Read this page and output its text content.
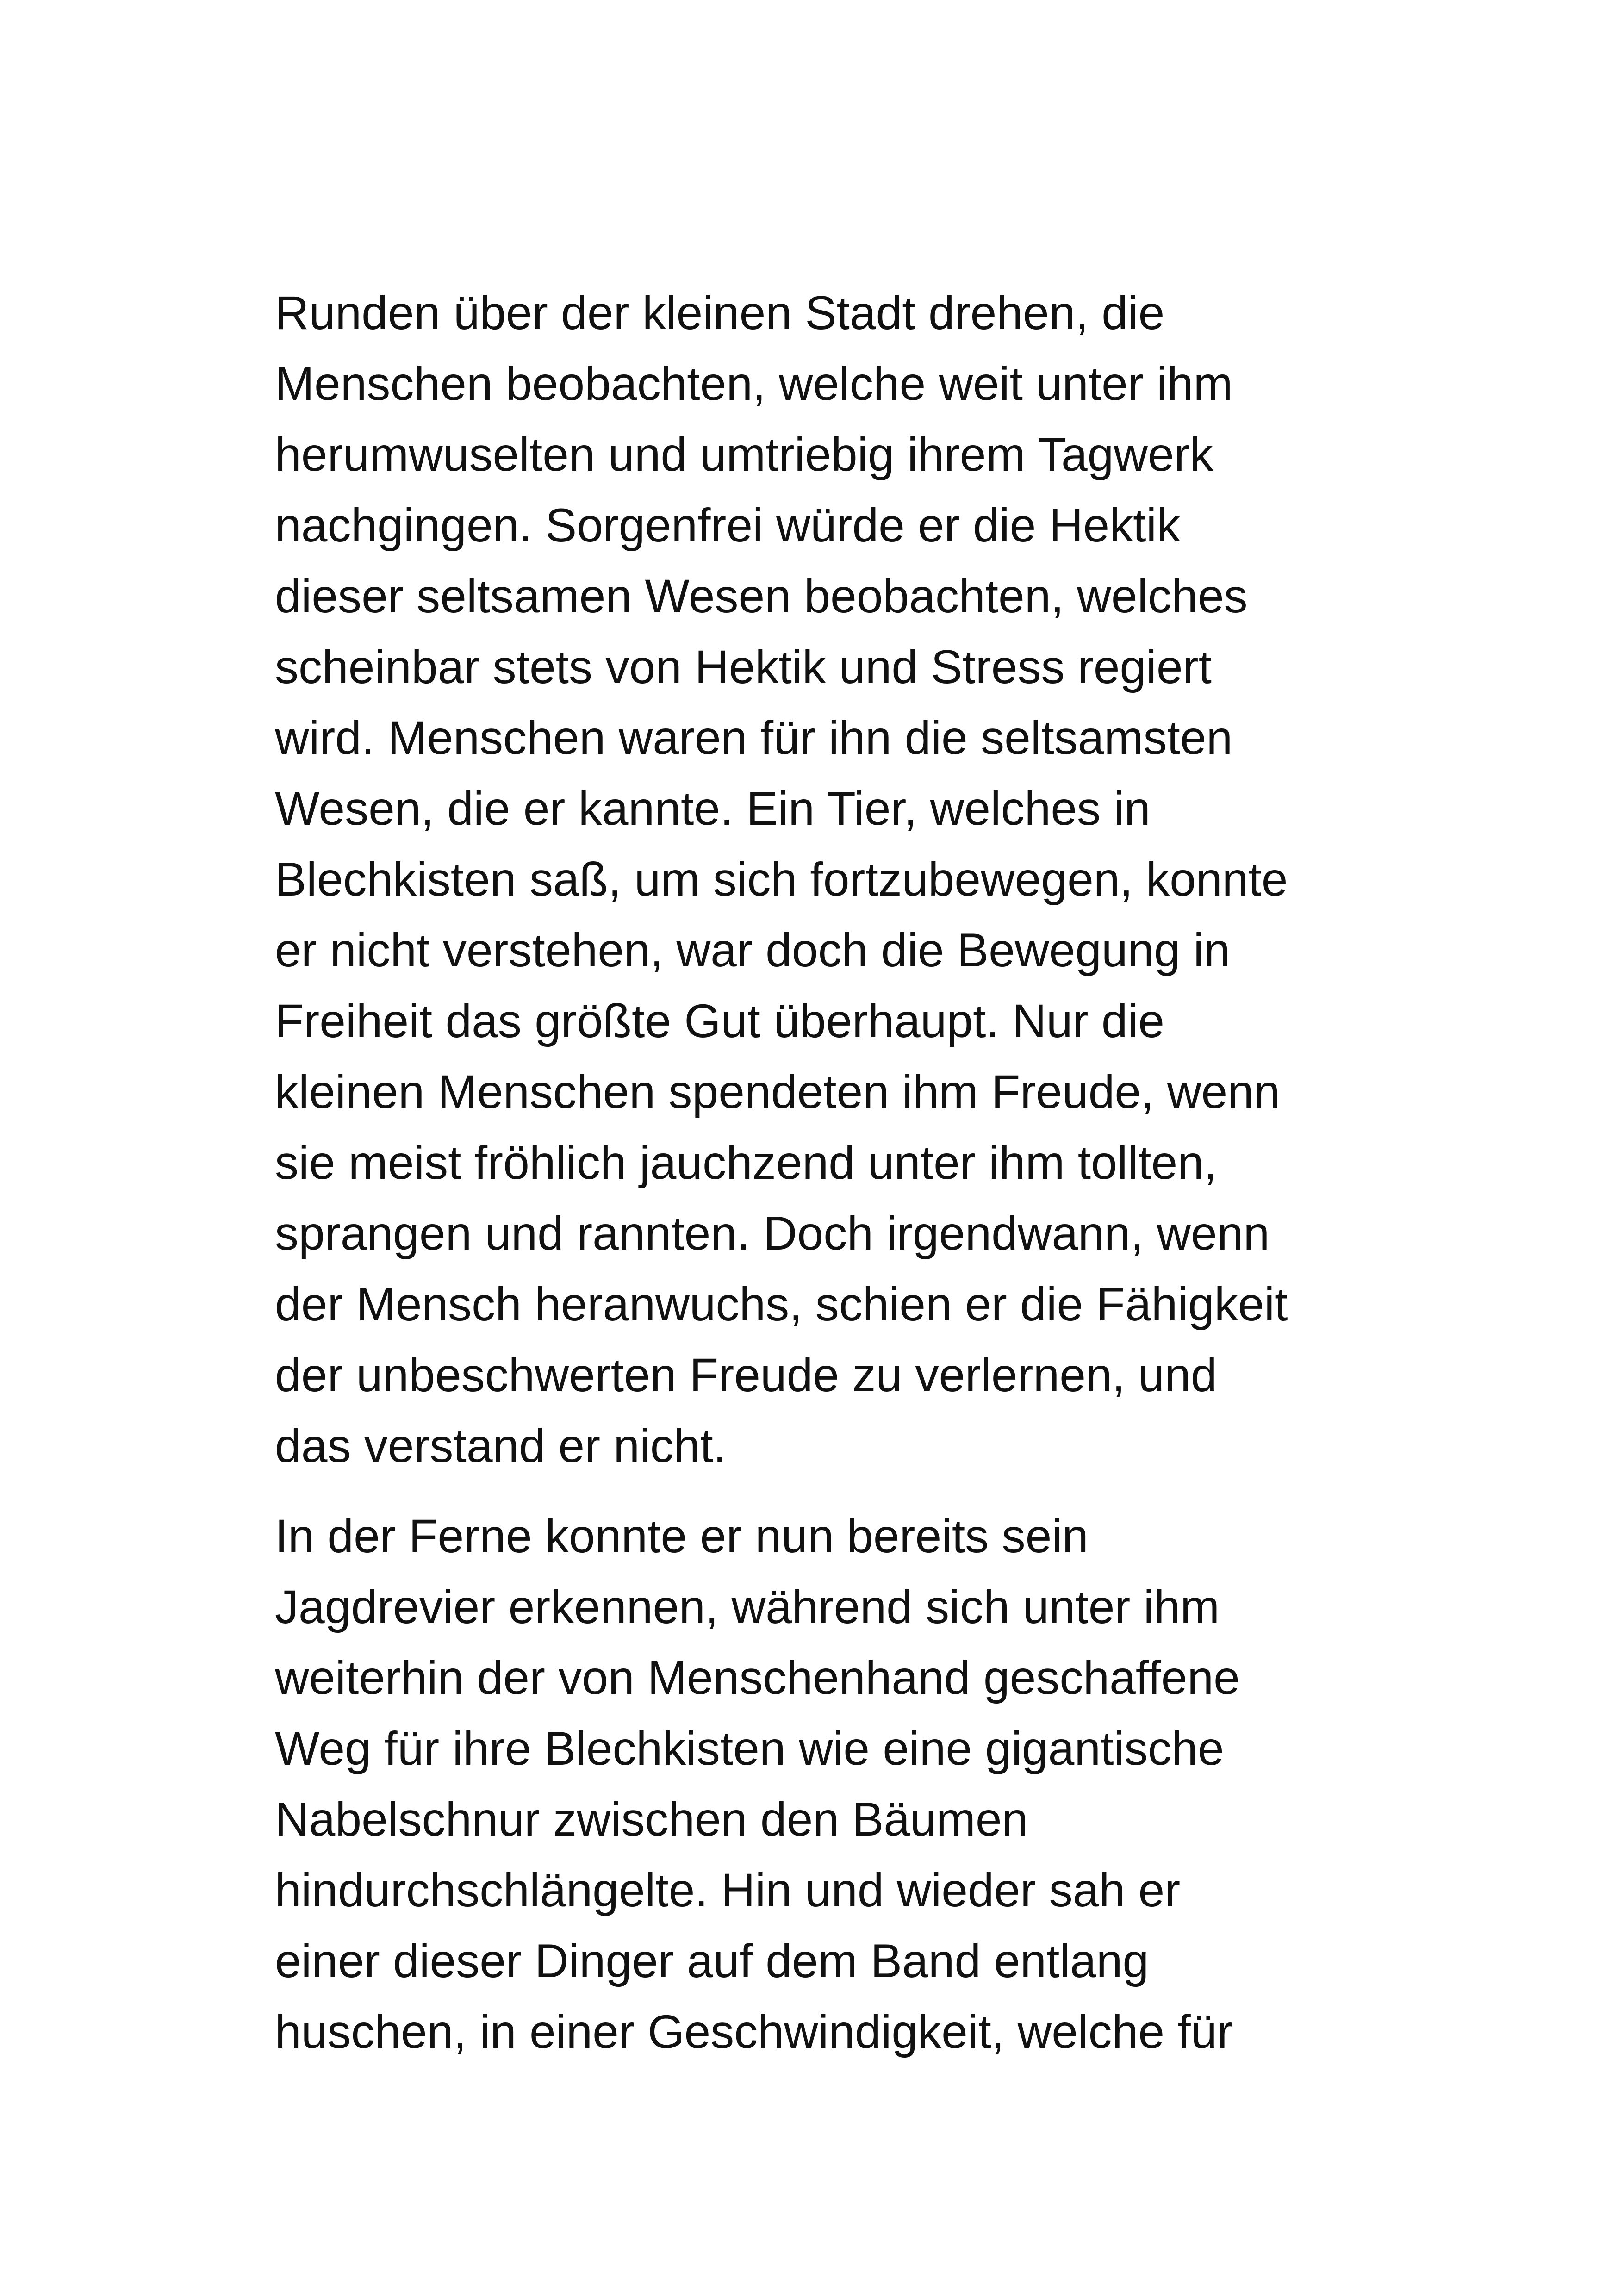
Runden über der kleinen Stadt drehen, die
Menschen beobachten, welche weit unter ihm
herumwuselten und umtriebig ihrem Tagwerk
nachgingen. Sorgenfrei würde er die Hektik
dieser seltsamen Wesen beobachten, welches
scheinbar stets von Hektik und Stress regiert
wird. Menschen waren für ihn die seltsamsten
Wesen, die er kannte. Ein Tier, welches in
Blechkisten saß, um sich fortzubewegen, konnte
er nicht verstehen, war doch die Bewegung in
Freiheit das größte Gut überhaupt. Nur die
kleinen Menschen spendeten ihm Freude, wenn
sie meist fröhlich jauchzend unter ihm tollten,
sprangen und rannten. Doch irgendwann, wenn
der Mensch heranwuchs, schien er die Fähigkeit
der unbeschwerten Freude zu verlernen, und
das verstand er nicht.

In der Ferne konnte er nun bereits sein
Jagdrevier erkennen, während sich unter ihm
weiterhin der von Menschenhand geschaffene
Weg für ihre Blechkisten wie eine gigantische
Nabelschnur zwischen den Bäumen
hindurchschlängelte. Hin und wieder sah er
einer dieser Dinger auf dem Band entlang
huschen, in einer Geschwindigkeit, welche für
